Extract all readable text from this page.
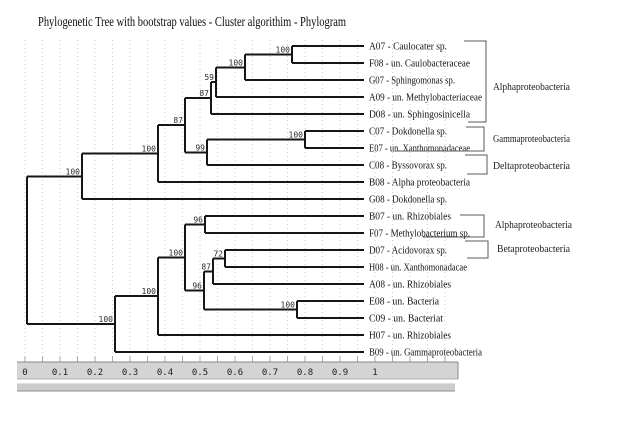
Phylogenetic Tree with bootstrap values - Cluster algorithim - Phylogram
0	0.1 0.2 0.3 0.4 0.5 0.6 0.7 0.8 0.9	1
A07 - Caulocater sp.
F08 - un. Caulobacteraceae
100
G07 - Sphingomonas sp.
100
A09 - un. Methylobacteriaceae
59
D08 - un. Sphingosinicella
87
C07 - Dokdonella sp.
E07 - un. Xanthomonadaceae
100
C08 - Byssovorax sp.
99
87
B08 - Alpha proteobacteria
100
G08 - Dokdonella sp.
100
B07 - un. Rhizobiales
F07 - Methylobacterium sp.
96
D07 - Acidovorax sp.
H08 - un. Xanthomonadacae
72
A08 - un. Rhizobiales
87
E08 - un. Bacteria
C09 - un. Bacteriat
100
96
100
H07 - un. Rhizobiales
100
B09 - un. Gammaproteobacteria
100
Alphaproteobacteria
Gammaproteobacteria
Deltaproteobacteria
Alphaproteobacteria
Betaproteobacteria
